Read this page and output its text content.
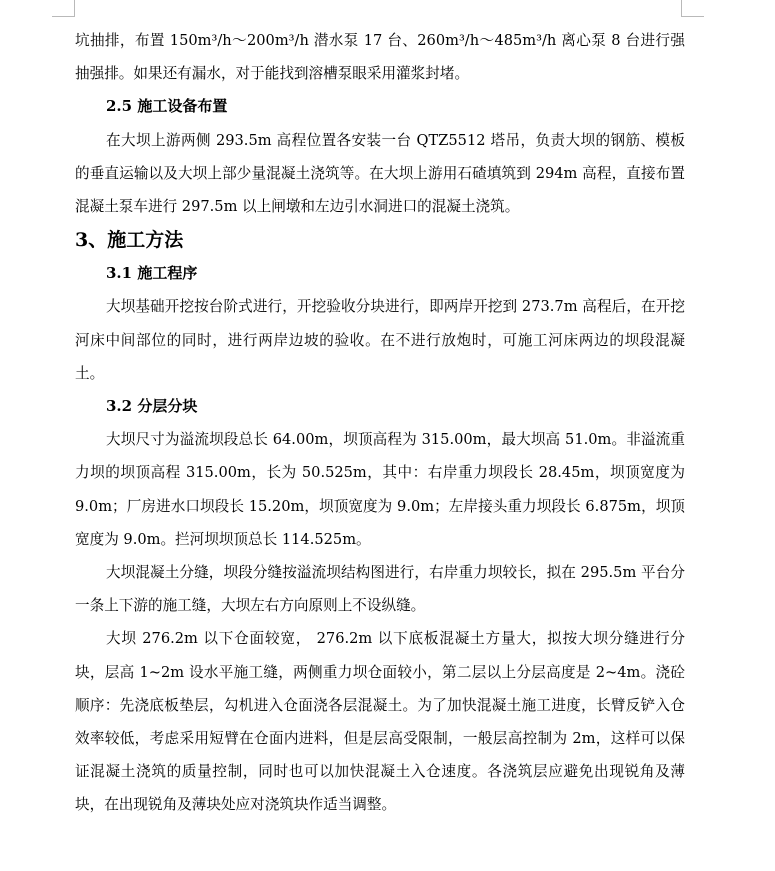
坑抽排，布置 150m³/h～200m³/h 潜水泵 17 台、260m³/h～485m³/h 离心泵 8 台进行强抽强排。如果还有漏水，对于能找到溶槽泵眼采用灌浆封堵。

2.5 施工设备布置

在大坝上游两侧 293.5m 高程位置各安装一台 QTZ5512 塔吊，负责大坝的钢筋、模板的垂直运输以及大坝上部少量混凝土浇筑等。在大坝上游用石碴填筑到 294m 高程，直接布置混凝土泵车进行 297.5m 以上闸墩和左边引水洞进口的混凝土浇筑。

3、施工方法

3.1 施工程序

大坝基础开挖按台阶式进行，开挖验收分块进行，即两岸开挖到 273.7m 高程后，在开挖河床中间部位的同时，进行两岸边坡的验收。在不进行放炮时，可施工河床两边的坝段混凝土。

3.2 分层分块

大坝尺寸为溢流坝段总长 64.00m，坝顶高程为 315.00m，最大坝高 51.0m。非溢流重力坝的坝顶高程 315.00m，长为 50.525m，其中：右岸重力坝段长 28.45m，坝顶宽度为 9.0m；厂房进水口坝段长 15.20m，坝顶宽度为 9.0m；左岸接头重力坝段长 6.875m，坝顶宽度为 9.0m。拦河坝坝顶总长 114.525m。

大坝混凝土分缝，坝段分缝按溢流坝结构图进行，右岸重力坝较长，拟在 295.5m 平台分一条上下游的施工缝，大坝左右方向原则上不设纵缝。

大坝 276.2m 以下仓面较宽， 276.2m 以下底板混凝土方量大，拟按大坝分缝进行分块，层高 1~2m 设水平施工缝，两侧重力坝仓面较小，第二层以上分层高度是 2~4m。浇砼顺序：先浇底板垫层，勾机进入仓面浇各层混凝土。为了加快混凝土施工进度，长臂反铲入仓效率较低，考虑采用短臂在仓面内进料，但是层高受限制，一般层高控制为 2m，这样可以保证混凝土浇筑的质量控制，同时也可以加快混凝土入仓速度。各浇筑层应避免出现锐角及薄块，在出现锐角及薄块处应对浇筑块作适当调整。
